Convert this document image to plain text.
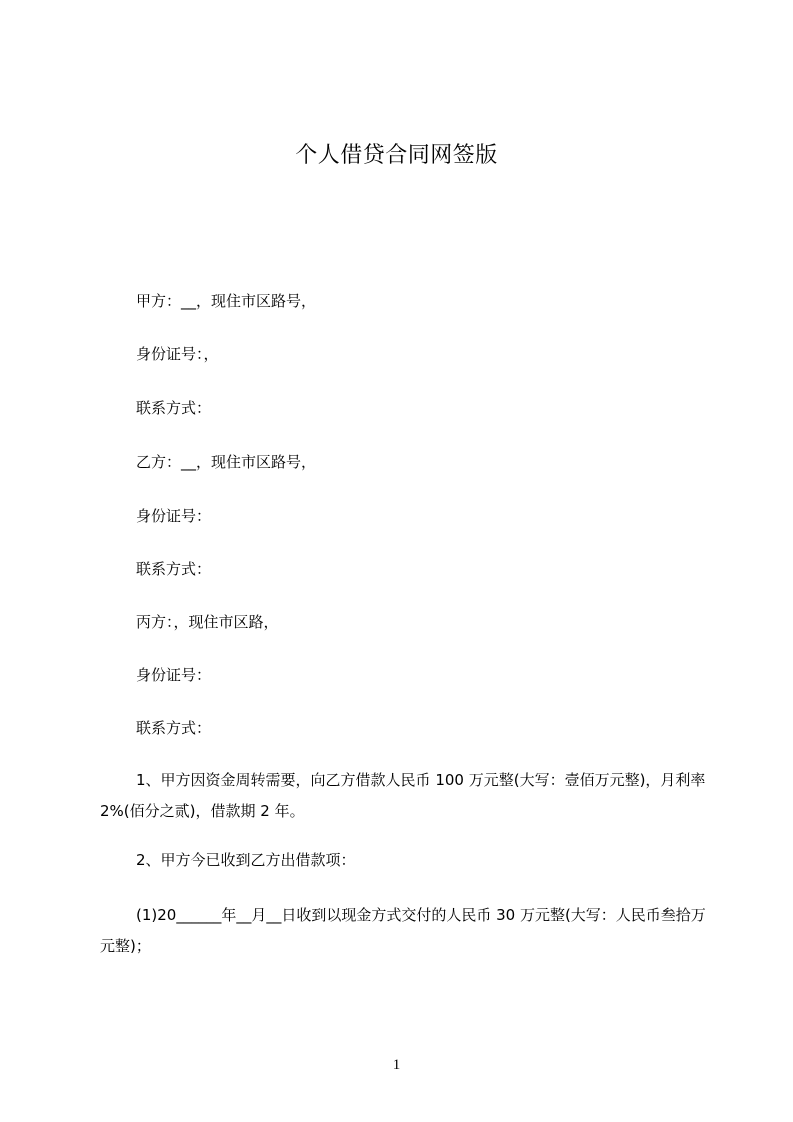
个人借贷合同网签版
甲方：__，现住市区路号，
身份证号：，
联系方式：
乙方：__，现住市区路号，
身份证号：
联系方式：
丙方：，现住市区路，
身份证号：
联系方式：
1、甲方因资金周转需要，向乙方借款人民币 100 万元整(大写：壹佰万元整)，月利率 2%(佰分之贰)，借款期 2 年。
2、甲方今已收到乙方出借款项：
(1)20______年__月__日收到以现金方式交付的人民币 30 万元整(大写：人民币叁拾万元整)；
1
